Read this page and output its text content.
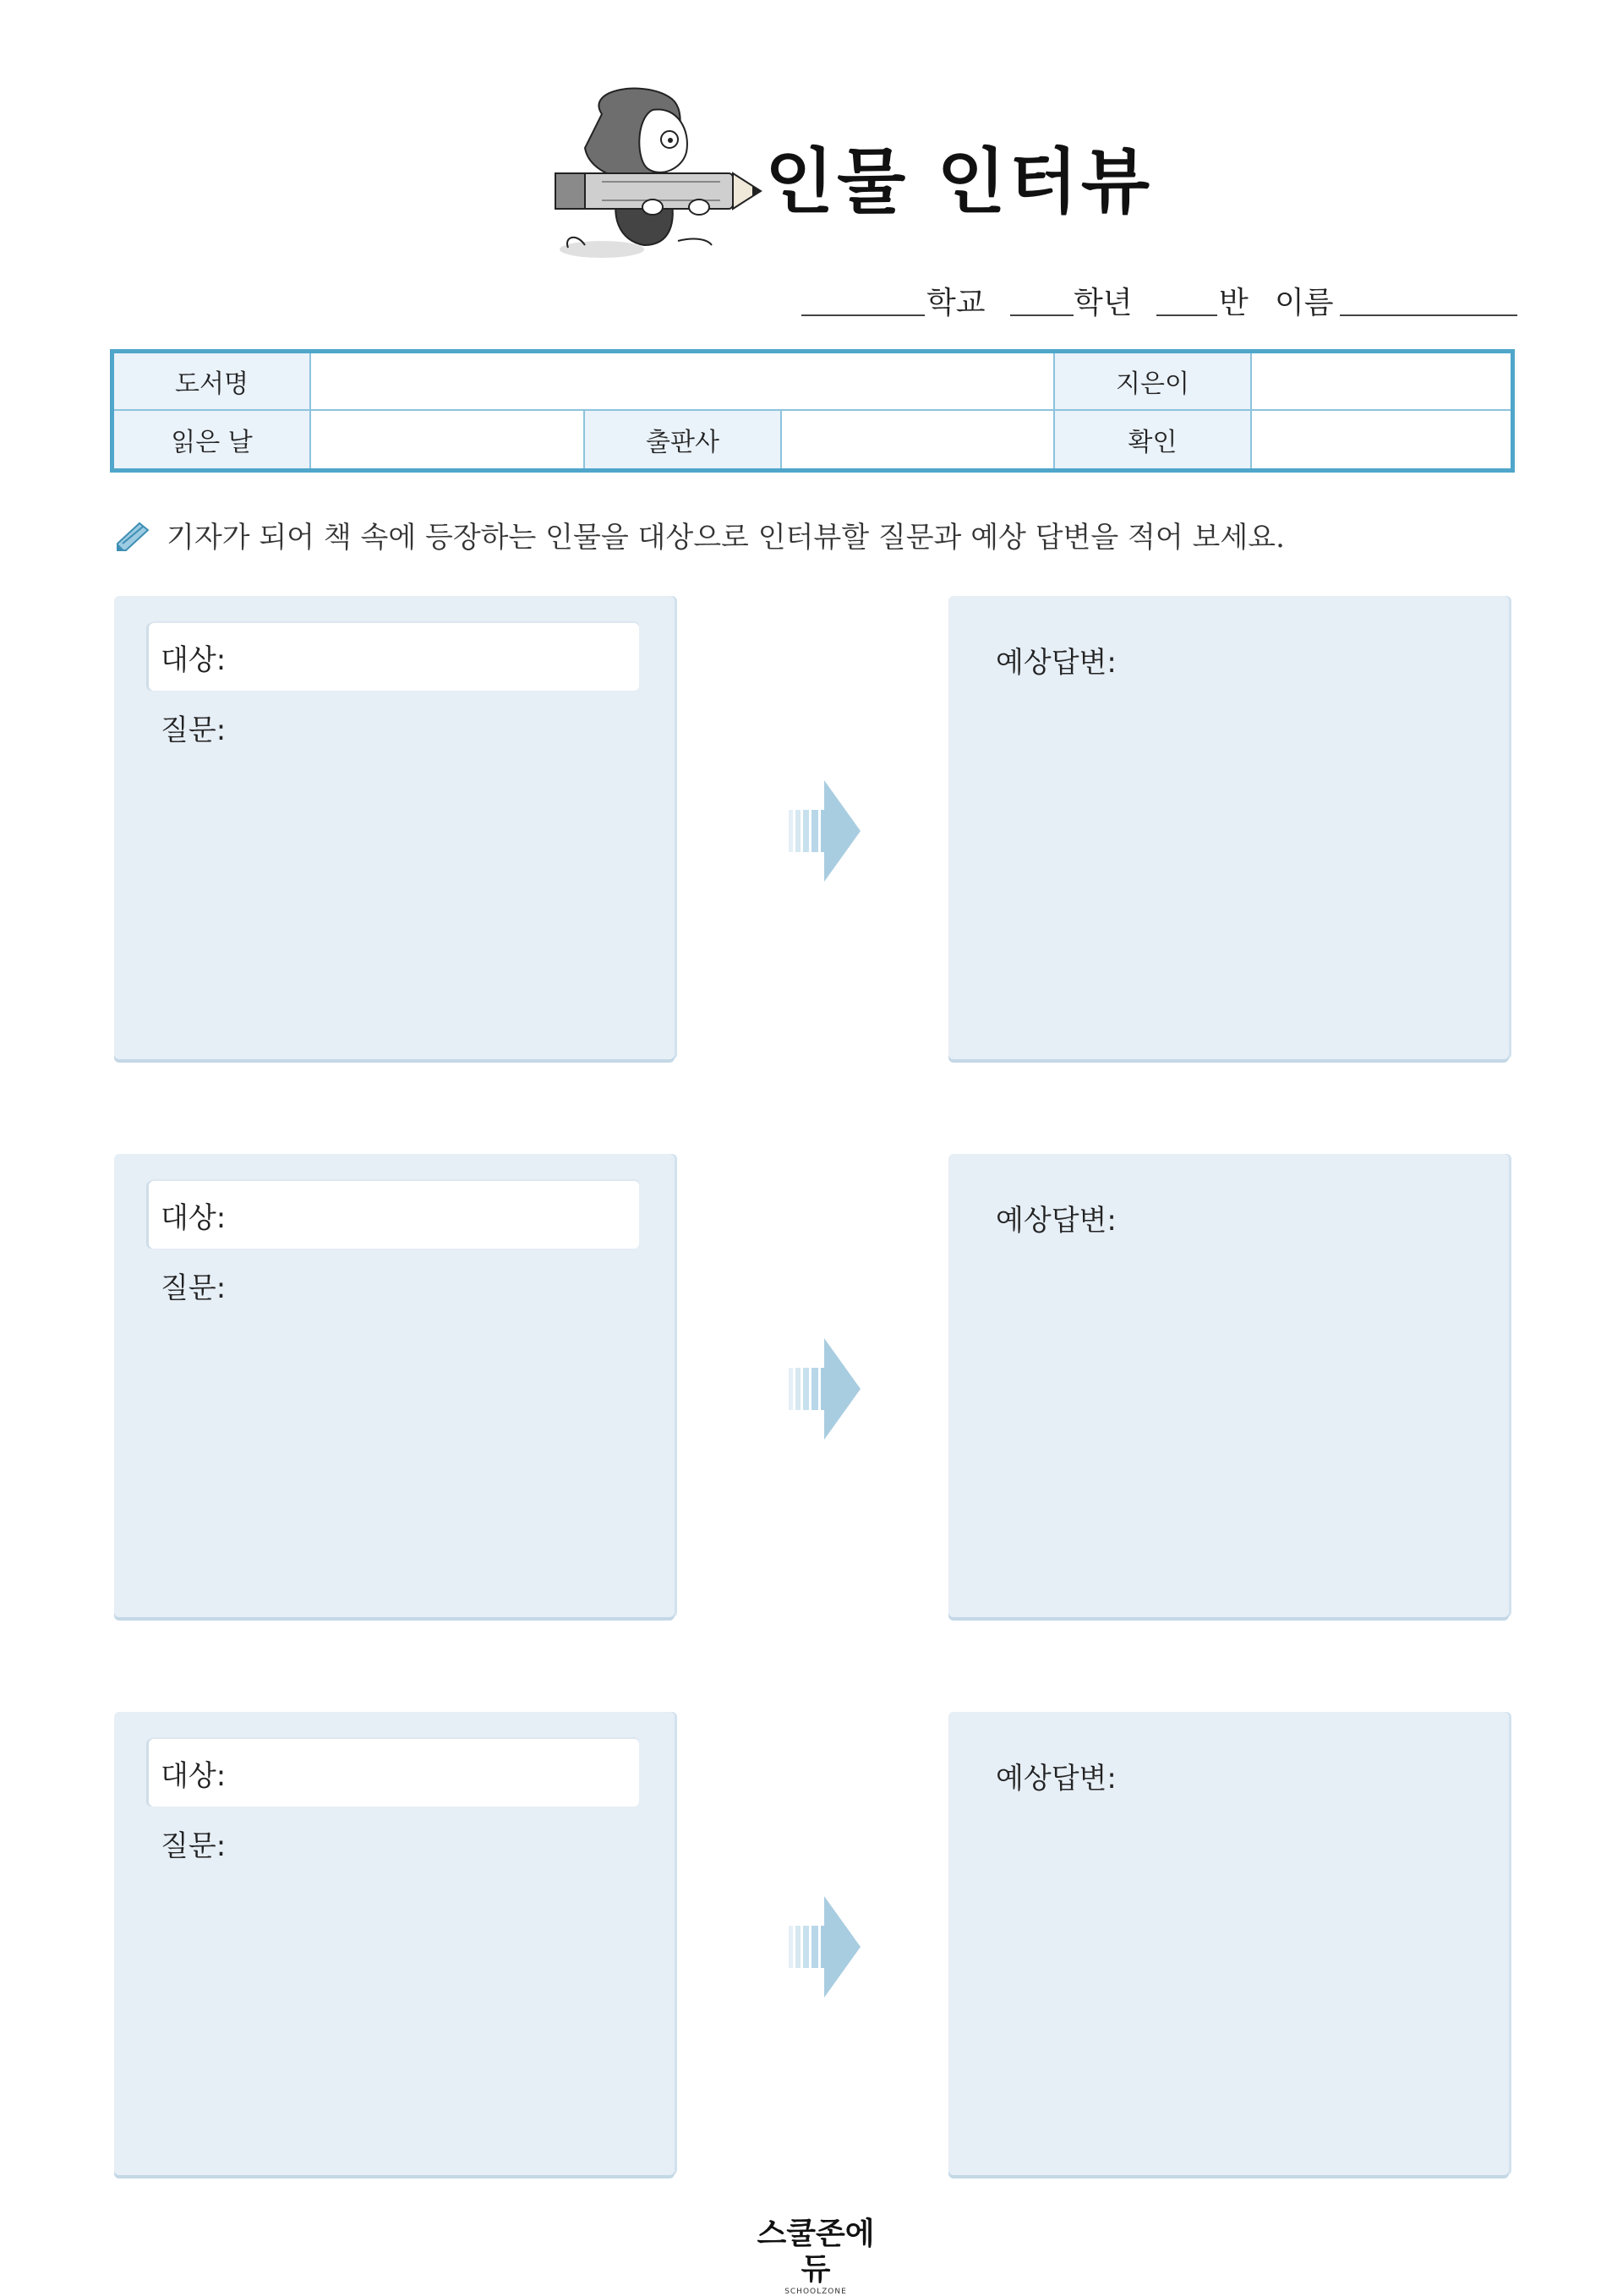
인물 인터뷰
학교	학년	반 이름
도서명	지은이
읽은 날	출판사	확인
기자가 되어 책 속에 등장하는 인물을 대상으로 인터뷰할 질문과 예상 답변을 적어 보세요.
대상:
질문:
예상답변:
대상:
질문:
예상답변:
대상:
질문:
예상답변:
스쿨존에듀
SCHOOLZONE
